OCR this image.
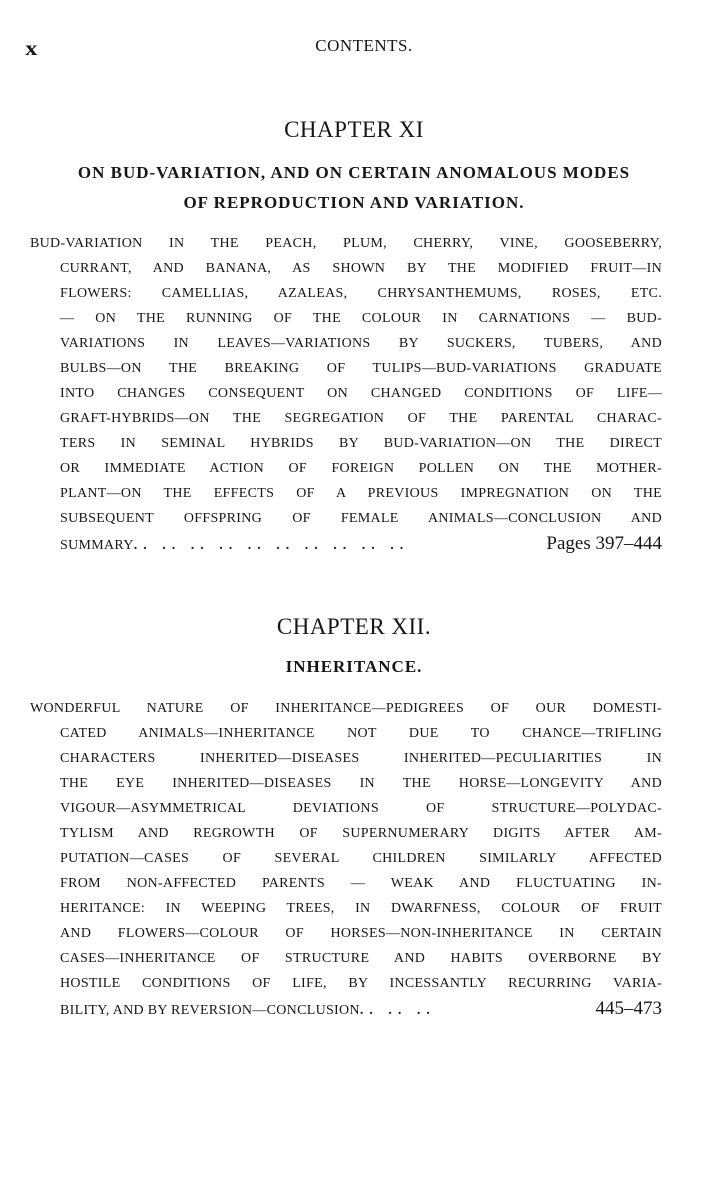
x	CONTENTS.
CHAPTER XI
ON BUD-VARIATION, AND ON CERTAIN ANOMALOUS MODES
OF REPRODUCTION AND VARIATION.
BUD-VARIATION IN THE PEACH, PLUM, CHERRY, VINE, GOOSEBERRY,
CURRANT, AND BANANA, AS SHOWN BY THE MODIFIED FRUIT—IN
FLOWERS: CAMELLIAS, AZALEAS, CHRYSANTHEMUMS, ROSES, ETC.
— ON THE RUNNING OF THE COLOUR IN CARNATIONS — BUD-
VARIATIONS IN LEAVES—VARIATIONS BY SUCKERS, TUBERS, AND
BULBS—ON THE BREAKING OF TULIPS—BUD-VARIATIONS GRADUATE
INTO CHANGES CONSEQUENT ON CHANGED CONDITIONS OF LIFE—
GRAFT-HYBRIDS—ON THE SEGREGATION OF THE PARENTAL CHARAC-
TERS IN SEMINAL HYBRIDS BY BUD-VARIATION—ON THE DIRECT
OR IMMEDIATE ACTION OF FOREIGN POLLEN ON THE MOTHER-
PLANT—ON THE EFFECTS OF A PREVIOUS IMPREGNATION ON THE
SUBSEQUENT OFFSPRING OF FEMALE ANIMALS—CONCLUSION AND
SUMMARY .. .. .. .. .. .. .. .. .. ..	Pages 397–444
CHAPTER XII.
INHERITANCE.
WONDERFUL NATURE OF INHERITANCE—PEDIGREES OF OUR DOMESTI-
CATED ANIMALS—INHERITANCE NOT DUE TO CHANCE—TRIFLING
CHARACTERS INHERITED—DISEASES INHERITED—PECULIARITIES IN
THE EYE INHERITED—DISEASES IN THE HORSE—LONGEVITY AND
VIGOUR—ASYMMETRICAL DEVIATIONS OF STRUCTURE—POLYDAC-
TYLISM AND REGROWTH OF SUPERNUMERARY DIGITS AFTER AM-
PUTATION—CASES OF SEVERAL CHILDREN SIMILARLY AFFECTED
FROM NON-AFFECTED PARENTS — WEAK AND FLUCTUATING IN-
HERITANCE: IN WEEPING TREES, IN DWARFNESS, COLOUR OF FRUIT
AND FLOWERS—COLOUR OF HORSES—NON-INHERITANCE IN CERTAIN
CASES—INHERITANCE OF STRUCTURE AND HABITS OVERBORNE BY
HOSTILE CONDITIONS OF LIFE, BY INCESSANTLY RECURRING VARIA-
BILITY, AND BY REVERSION—CONCLUSION .. .. ..	445–473
